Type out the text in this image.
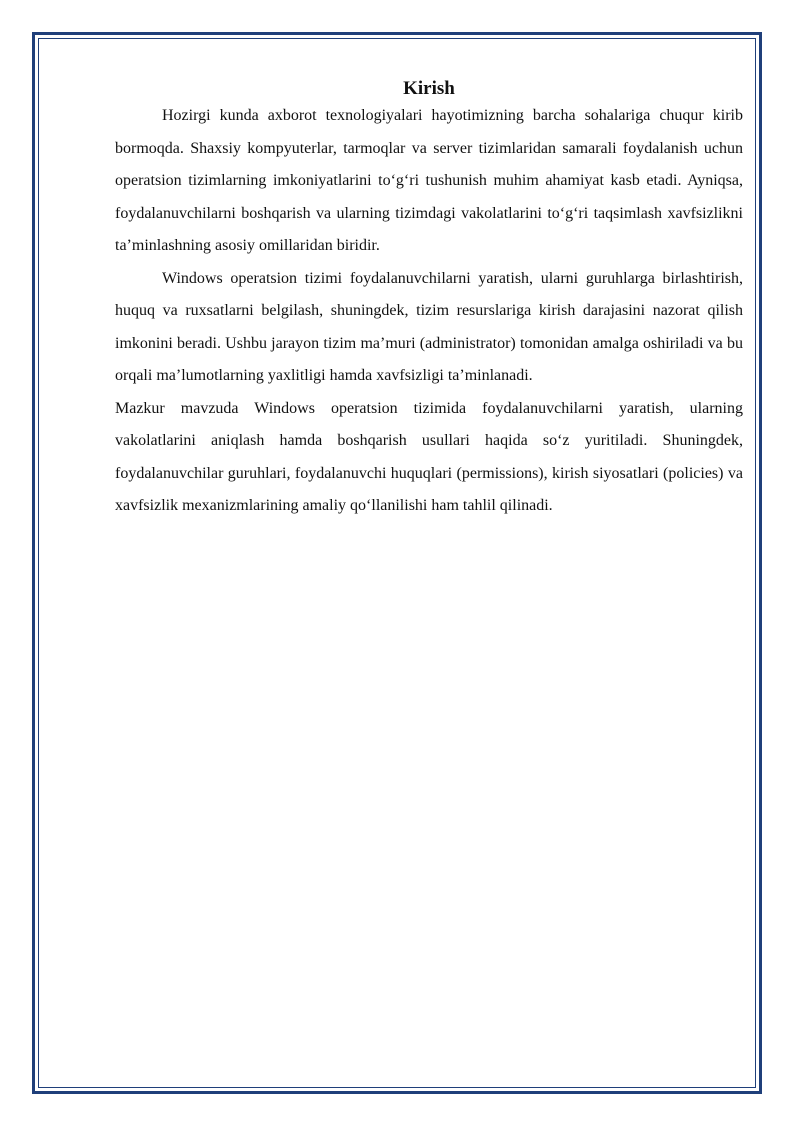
Kirish

Hozirgi kunda axborot texnologiyalari hayotimizning barcha sohalariga chuqur kirib bormoqda. Shaxsiy kompyuterlar, tarmoqlar va server tizimlaridan samarali foydalanish uchun operatsion tizimlarning imkoniyatlarini to‘g‘ri tushunish muhim ahamiyat kasb etadi. Ayniqsa, foydalanuvchilarni boshqarish va ularning tizimdagi vakolatlarini to‘g‘ri taqsimlash xavfsizlikni ta’minlashning asosiy omillaridan biridir.

Windows operatsion tizimi foydalanuvchilarni yaratish, ularni guruhlarga birlashtirish, huquq va ruxsatlarni belgilash, shuningdek, tizim resurslariga kirish darajasini nazorat qilish imkonini beradi. Ushbu jarayon tizim ma’muri (administrator) tomonidan amalga oshiriladi va bu orqali ma’lumotlarning yaxlitligi hamda xavfsizligi ta’minlanadi.

Mazkur mavzuda Windows operatsion tizimida foydalanuvchilarni yaratish, ularning vakolatlarini aniqlash hamda boshqarish usullari haqida so‘z yuritiladi. Shuningdek, foydalanuvchilar guruhlari, foydalanuvchi huquqlari (permissions), kirish siyosatlari (policies) va xavfsizlik mexanizmlarining amaliy qo‘llanilishi ham tahlil qilinadi.
